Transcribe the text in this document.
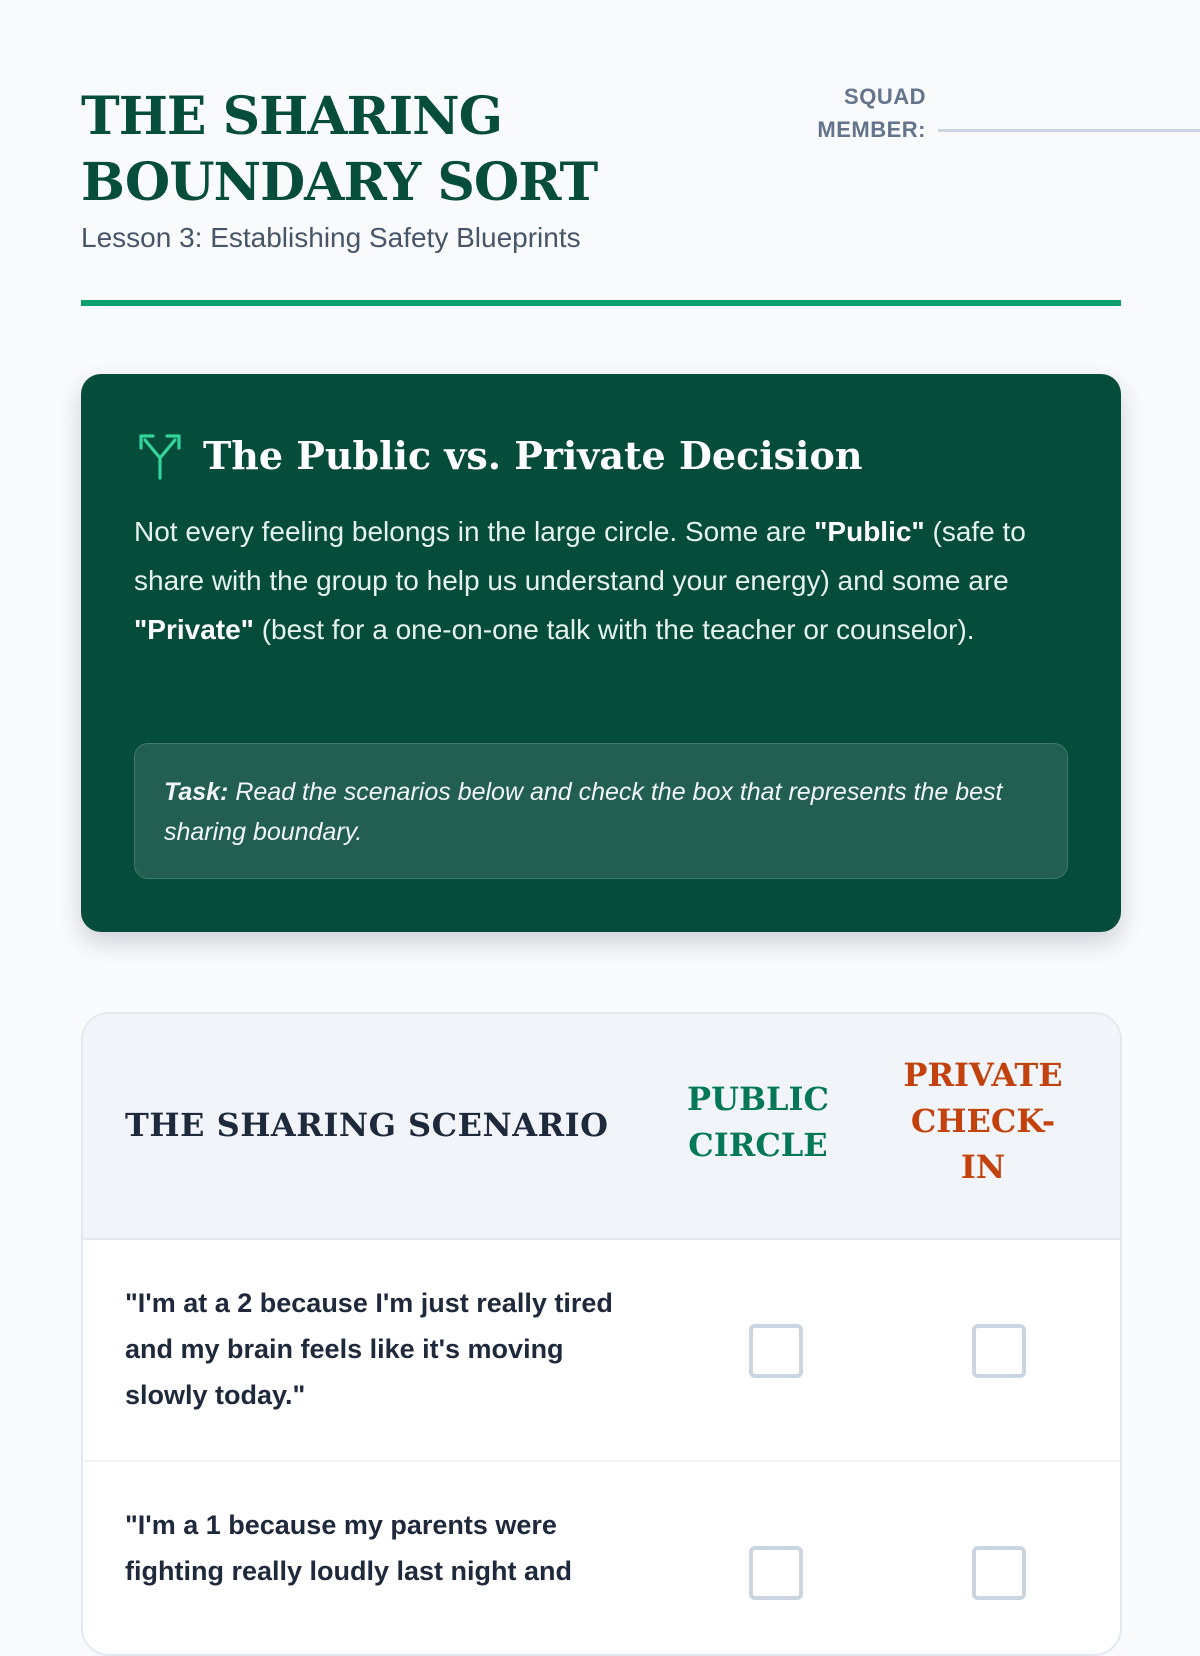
THE SHARING
BOUNDARY SORT
Lesson 3: Establishing Safety Blueprints
SQUAD
MEMBER:
The Public vs. Private Decision
Not every feeling belongs in the large circle. Some are "Public" (safe to share with the group to help us understand your energy) and some are "Private" (best for a one-on-one talk with the teacher or counselor).
Task: Read the scenarios below and check the box that represents the best sharing boundary.
THE SHARING SCENARIO
PUBLIC CIRCLE
PRIVATE CHECK-IN
"I'm at a 2 because I'm just really tired and my brain feels like it's moving slowly today."
"I'm a 1 because my parents were fighting really loudly last night and
